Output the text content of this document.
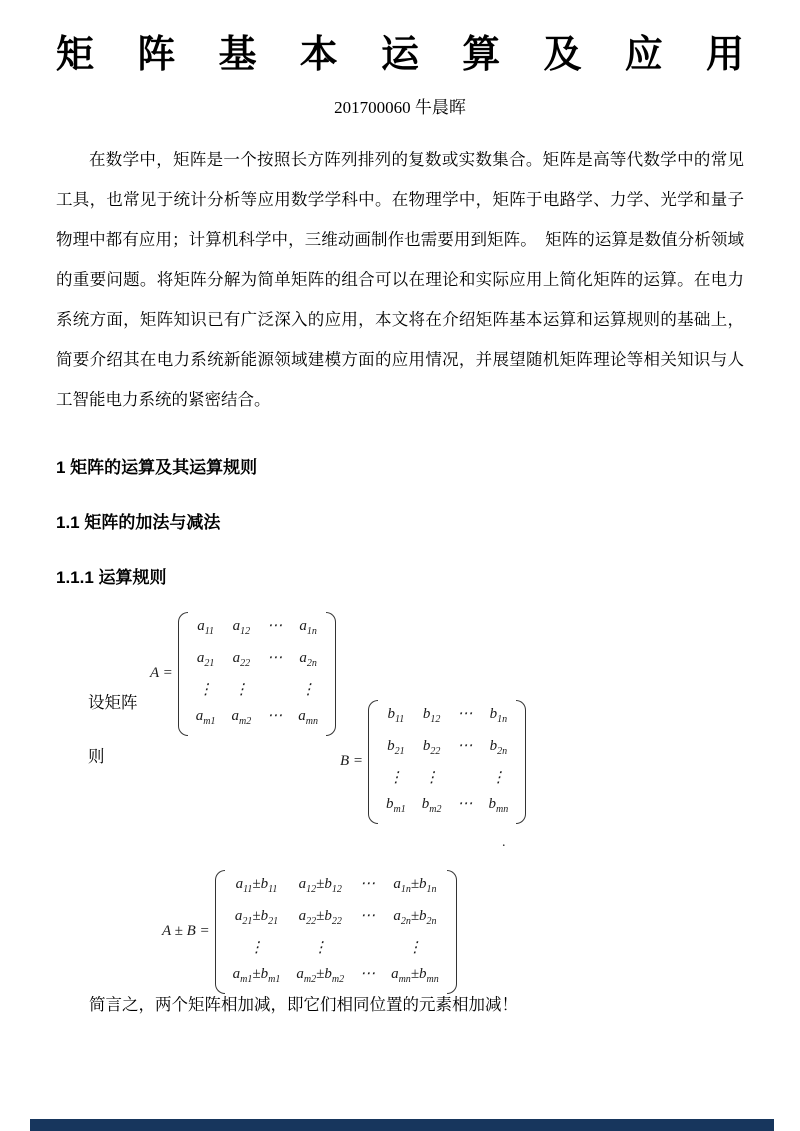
矩 阵 基 本 运 算 及 应 用
201700060 牛晨晖
在数学中，矩阵是一个按照长方阵列排列的复数或实数集合。矩阵是高等代数学中的常见工具，也常见于统计分析等应用数学学科中。在物理学中，矩阵于电路学、力学、光学和量子物理中都有应用；计算机科学中，三维动画制作也需要用到矩阵。　矩阵的运算是数值分析领域的重要问题。将矩阵分解为简单矩阵的组合可以在理论和实际应用上简化矩阵的运算。在电力系统方面，矩阵知识已有广泛深入的应用，本文将在介绍矩阵基本运算和运算规则的基础上，简要介绍其在电力系统新能源领域建模方面的应用情况，并展望随机矩阵理论等相关知识与人工智能电力系统的紧密结合。
1 矩阵的运算及其运算规则
1.1 矩阵的加法与减法
1.1.1 运算规则
设矩阵
A =
$a_{11}$ $a_{12}$ ⋯ $a_{1n}$
$a_{21}$ $a_{22}$ ⋯ $a_{2n}$
⋮ ⋮	⋮
$a_{m1}$ $a_{m2}$ ⋯ $a_{mn}$
则	B =
$b_{11}$ $b_{12}$ ⋯ $b_{1n}$
$b_{21}$ $b_{22}$ ⋯ $b_{2n}$
⋮ ⋮	⋮
$b_{m1}$ $b_{m2}$ ⋯ $b_{mn}$
.
A ± B =
$a_{11}\pm b_{11}$ $a_{12}\pm b_{12}$ ⋯ $a_{1n}\pm b_{1n}$
$a_{21}\pm b_{21}$ $a_{22}\pm b_{22}$ ⋯ $a_{2n}\pm b_{2n}$
⋮	⋮	⋮
$a_{m1}\pm b_{m1}$ $a_{m2}\pm b_{m2}$ ⋯ $a_{mn}\pm b_{mn}$
简言之，两个矩阵相加减，即它们相同位置的元素相加减！
